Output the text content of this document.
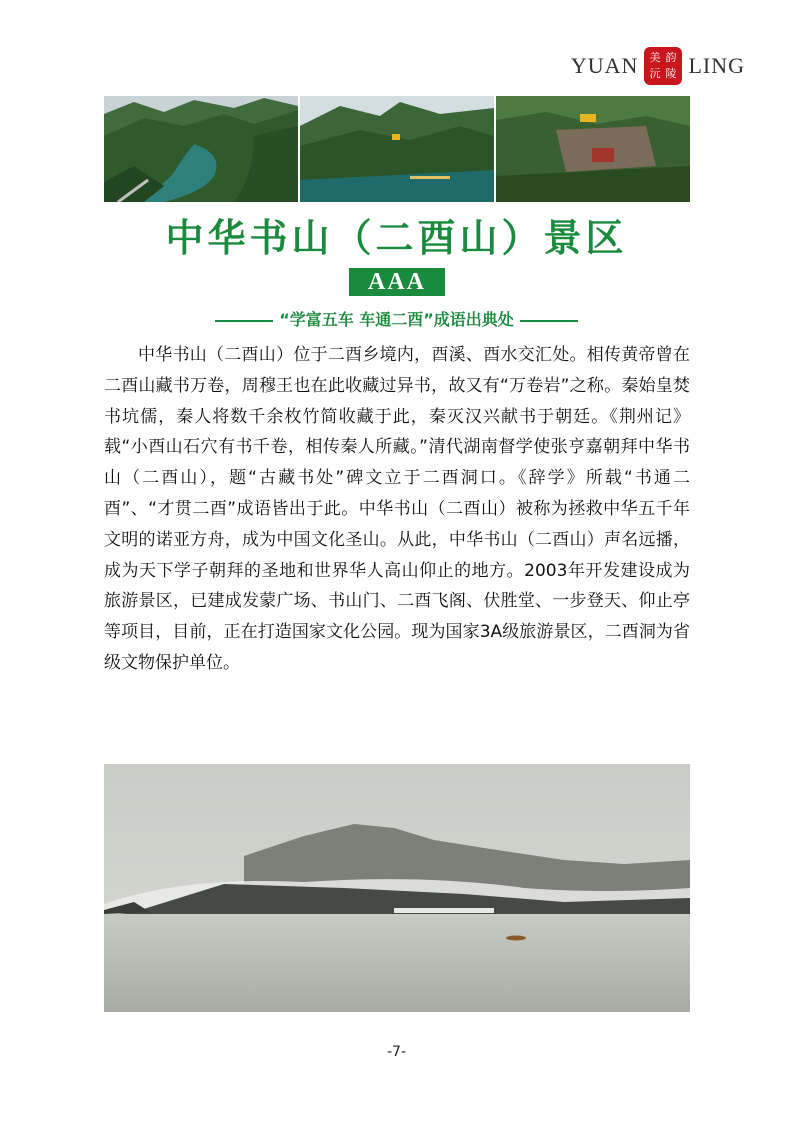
YUAN 美 韵
沅 陵 LING
中华书山（二酉山）景区
AAA
“学富五车 车通二酉”成语出典处

中华书山（二酉山）位于二酉乡境内，酉溪、酉水交汇处。相传黄帝曾在二酉山藏书万卷，周穆王也在此收藏过异书，故又有“万卷岩”之称。秦始皇焚书坑儒，秦人将数千余枚竹简收藏于此，秦灭汉兴献书于朝廷。《荆州记》载“小酉山石穴有书千卷，相传秦人所藏。”清代湖南督学使张亨嘉朝拜中华书山（二酉山），题“古藏书处”碑文立于二酉洞口。《辞学》所载“书通二酉”、“才贯二酉”成语皆出于此。中华书山（二酉山）被称为拯救中华五千年文明的诺亚方舟，成为中国文化圣山。从此，中华书山（二酉山）声名远播，成为天下学子朝拜的圣地和世界华人高山仰止的地方。2003年开发建设成为旅游景区，已建成发蒙广场、书山门、二酉飞阁、伏胜堂、一步登天、仰止亭等项目，目前，正在打造国家文化公园。现为国家3A级旅游景区，二酉洞为省级文物保护单位。

-7-
